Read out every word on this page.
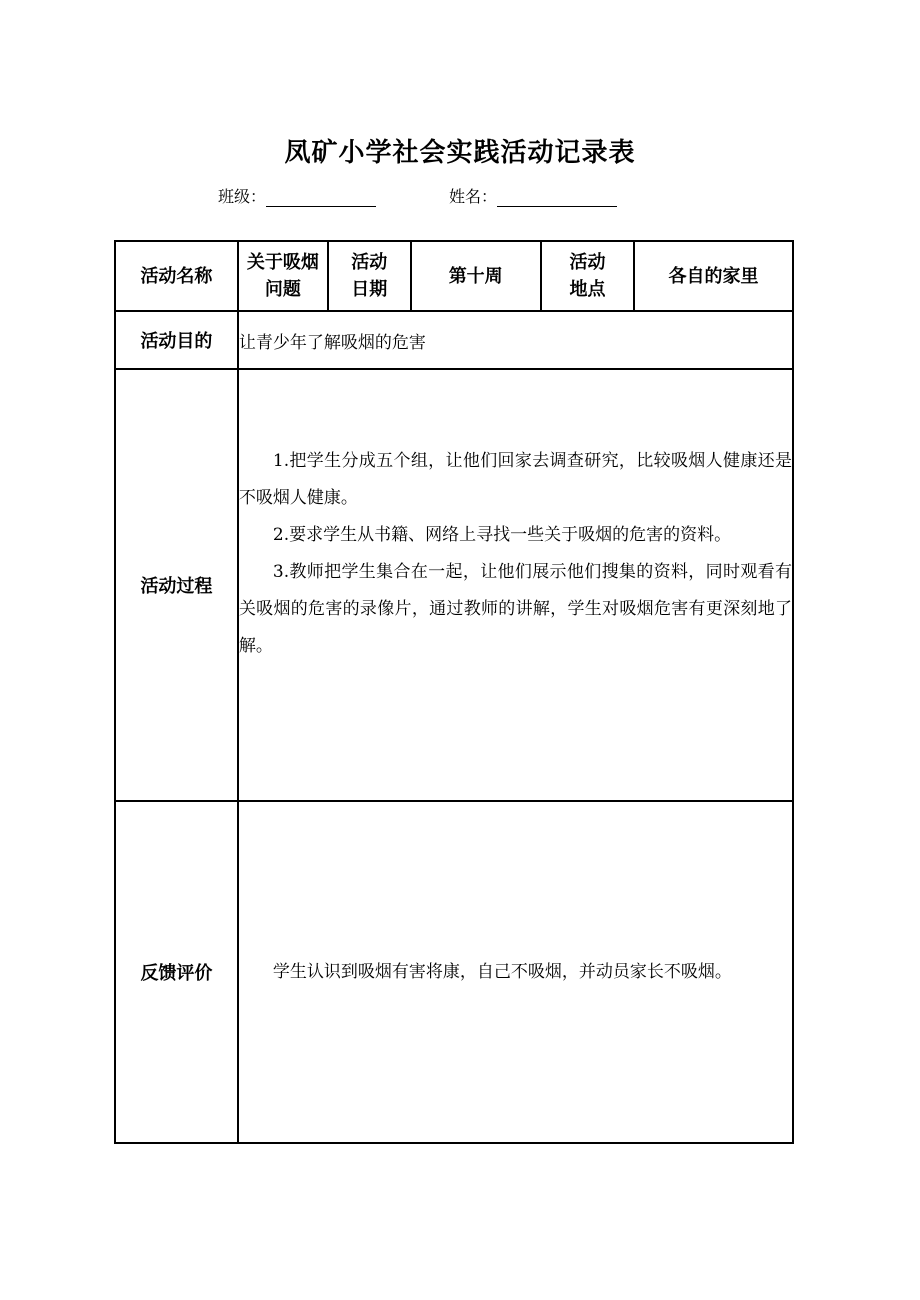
凤矿小学社会实践活动记录表
班级：	姓名：
活动名称	关于吸烟问题	活动日期	第十周	活动地点	各自的家里
活动目的	让青少年了解吸烟的危害				
活动过程	1.把学生分成五个组，让他们回家去调查研究，比较吸烟人健康还是不吸烟人健康。

2.要求学生从书籍、网络上寻找一些关于吸烟的危害的资料。

3.教师把学生集合在一起，让他们展示他们搜集的资料，同时观看有关吸烟的危害的录像片，通过教师的讲解，学生对吸烟危害有更深刻地了解。				

反馈评价	学生认识到吸烟有害将康，自己不吸烟，并动员家长不吸烟。				
